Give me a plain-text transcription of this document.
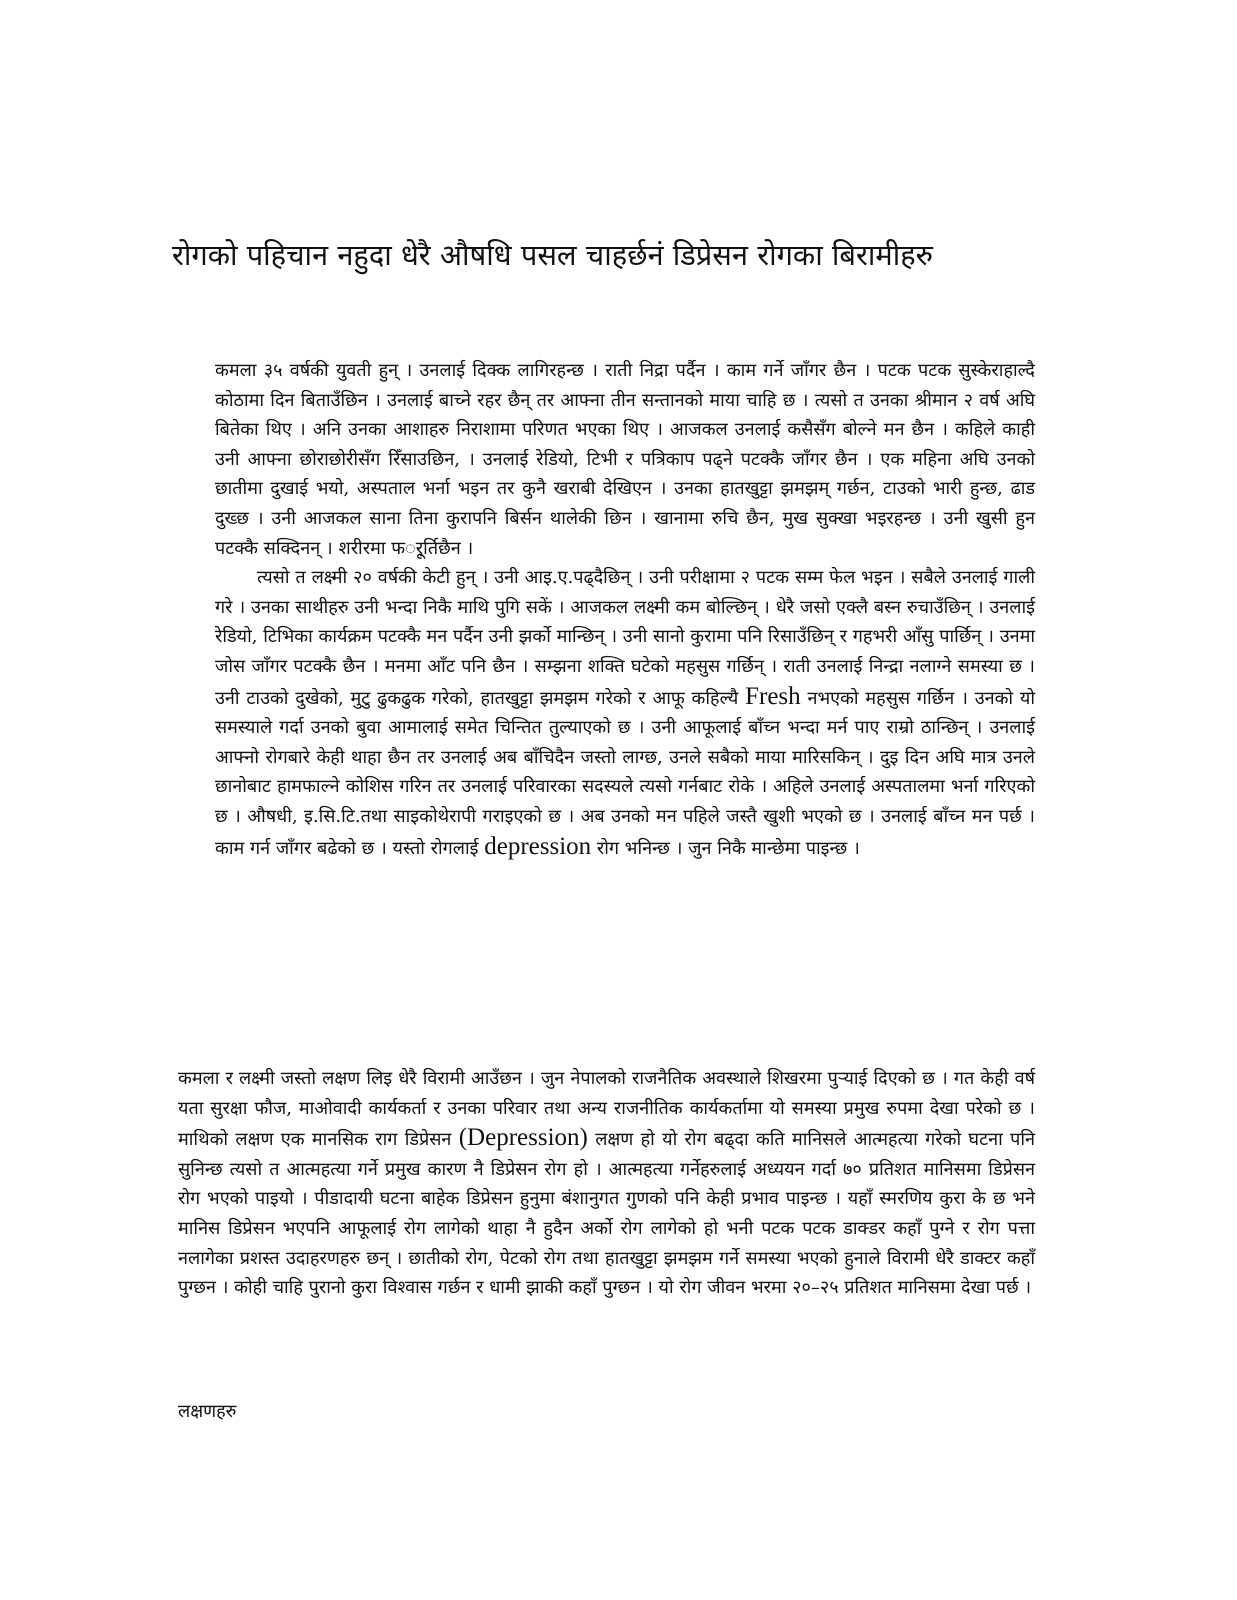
रोगको पहिचान नहुदा धेरै औषधि पसल चाहर्छनं डिप्रेसन रोगका बिरामीहरु

कमला ३५ वर्षकी युवती हुन् । उनलाई दिक्क लागिरहन्छ । राती निद्रा पर्दैन । काम गर्ने जाँगर छैन । पटक पटक सुस्केराहाल्दै कोठामा दिन बिताउँछिन । उनलाई बाच्ने रहर छैन् तर आफ्ना तीन सन्तानको माया चाहि छ । त्यसो त उनका श्रीमान २ वर्ष अघि बितेका थिए । अनि उनका आशाहरु निराशामा परिणत भएका थिए । आजकल उनलाई कसैसँग बोल्ने मन छैन । कहिले काही उनी आफ्ना छोराछोरीसँग रिँसाउछिन, । उनलाई रेडियो, टिभी र पत्रिकाप पढ्ने पटक्कै जाँगर छैन । एक महिना अघि उनको छातीमा दुखाई भयो, अस्पताल भर्ना भइन तर कुनै खराबी देखिएन । उनका हातखुट्टा झमझम् गर्छन, टाउको भारी हुन्छ, ढाड दुख्छ । उनी आजकल साना तिना कुरापनि बिर्सन थालेकी छिन । खानामा रुचि छैन, मुख सुक्खा भइरहन्छ । उनी खुसी हुन पटक्कै सक्दिनन् । शरीरमा फर्ूर्तिछैन ।

त्यसो त लक्ष्मी २० वर्षकी केटी हुन् । उनी आइ.ए.पढ्दैछिन् । उनी परीक्षामा २ पटक सम्म फेल भइन । सबैले उनलाई गाली गरे । उनका साथीहरु उनी भन्दा निकै माथि पुगि सकें । आजकल लक्ष्मी कम बोल्छिन् । धेरै जसो एक्लै बस्न रुचाउँछिन् । उनलाई रेडियो, टिभिका कार्यक्रम पटक्कै मन पर्दैन उनी झर्को मान्छिन् । उनी सानो कुरामा पनि रिसाउँछिन् र गहभरी आँसु पार्छिन् । उनमा जोस जाँगर पटक्कै छैन । मनमा आँट पनि छैन । सम्झना शक्ति घटेको महसुस गर्छिन् । राती उनलाई निन्द्रा नलाग्ने समस्या छ । उनी टाउको दुखेको, मुटु ढुकढुक गरेको, हातखुट्टा झमझम गरेको र आफू कहिल्यै Fresh नभएको महसुस गर्छिन । उनको यो समस्याले गर्दा उनको बुवा आमालाई समेत चिन्तित तुल्याएको छ । उनी आफूलाई बाँच्न भन्दा मर्न पाए राम्रो ठान्छिन् । उनलाई आफ्नो रोगबारे केही थाहा छैन तर उनलाई अब बाँचिदैन जस्तो लाग्छ, उनले सबैको माया मारिसकिन् । दुइ दिन अघि मात्र उनले छानोबाट हामफाल्ने कोशिस गरिन तर उनलाई परिवारका सदस्यले त्यसो गर्नबाट रोके । अहिले उनलाई अस्पतालमा भर्ना गरिएको छ । औषधी, इ.सि.टि.तथा साइकोथेरापी गराइएको छ । अब उनको मन पहिले जस्तै खुशी भएको छ । उनलाई बाँच्न मन पर्छ । काम गर्न जाँगर बढेको छ । यस्तो रोगलाई depression रोग भनिन्छ । जुन निकै मान्छेमा पाइन्छ ।

कमला र लक्ष्मी जस्तो लक्षण लिइ धेरै विरामी आउँछन । जुन नेपालको राजनैतिक अवस्थाले शिखरमा पुर्‍याई दिएको छ । गत केही वर्ष यता सुरक्षा फौज, माओवादी कार्यकर्ता र उनका परिवार तथा अन्य राजनीतिक कार्यकर्तामा यो समस्या प्रमुख रुपमा देखा परेको छ । माथिको लक्षण एक मानसिक राग डिप्रेसन (Depression) लक्षण हो यो रोग बढ्दा कति मानिसले आत्महत्या गरेको घटना पनि सुनिन्छ त्यसो त आत्महत्या गर्ने प्रमुख कारण नै डिप्रेसन रोग हो । आत्महत्या गर्नेहरुलाई अध्ययन गर्दा ७० प्रतिशत मानिसमा डिप्रेसन रोग भएको पाइयो । पीडादायी घटना बाहेक डिप्रेसन हुनुमा बंशानुगत गुणको पनि केही प्रभाव पाइन्छ । यहाँ स्मरणिय कुरा के छ भने मानिस डिप्रेसन भएपनि आफूलाई रोग लागेको थाहा नै हुदैन अर्को रोग लागेको हो भनी पटक पटक डाक्डर कहाँ पुग्ने र रोग पत्ता नलागेका प्रशस्त उदाहरणहरु छन् । छातीको रोग, पेटको रोग तथा हातखुट्टा झमझम गर्ने समस्या भएको हुनाले विरामी धेरै डाक्टर कहाँ पुग्छन । कोही चाहि पुरानो कुरा विश्वास गर्छन र धामी झाकी कहाँ पुग्छन । यो रोग जीवन भरमा २०–२५ प्रतिशत मानिसमा देखा पर्छ ।

लक्षणहरु
